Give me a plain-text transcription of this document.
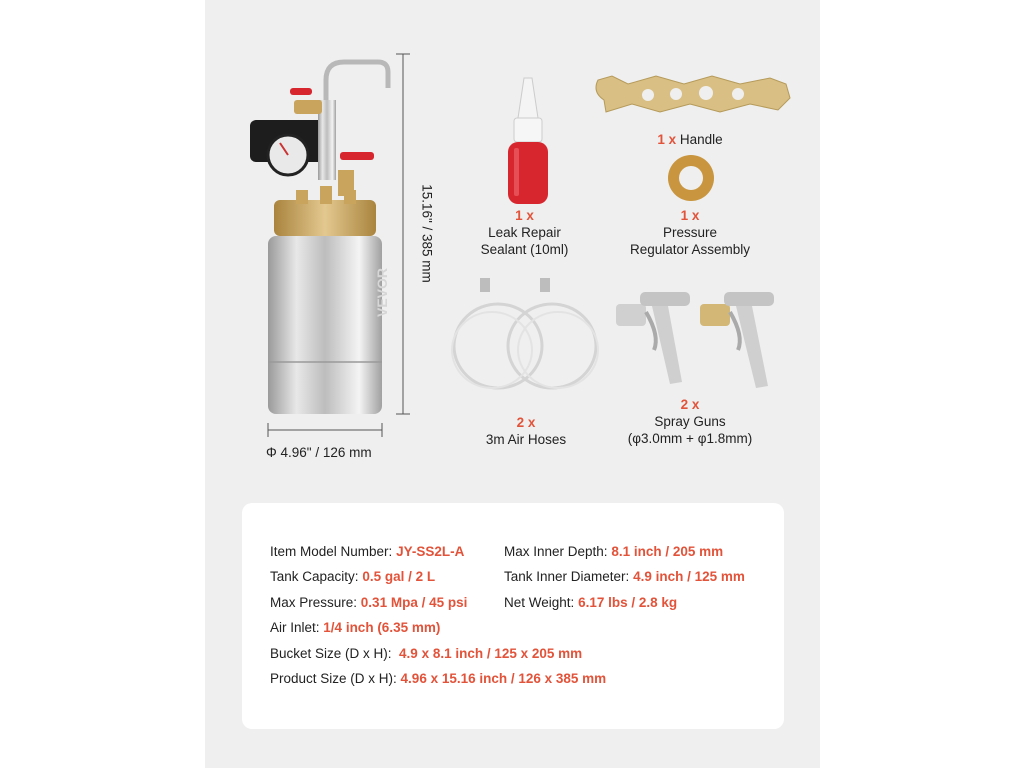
VEVOR
15.16" / 385 mm
Φ 4.96" / 126 mm
1 x Handle
1 x
Leak Repair
Sealant (10ml)
1 x
Pressure
Regulator Assembly
2 x
3m Air Hoses
2 x
Spray Guns
(φ3.0mm + φ1.8mm)
Item Model Number: JY-SS2L-A
Tank Capacity: 0.5 gal / 2 L
Max Pressure: 0.31 Mpa / 45 psi
Air Inlet: 1/4 inch (6.35 mm)
Bucket Size (D x H): 4.9 x 8.1 inch / 125 x 205 mm
Product Size (D x H): 4.96 x 15.16 inch / 126 x 385 mm
Max Inner Depth: 8.1 inch / 205 mm
Tank Inner Diameter: 4.9 inch / 125 mm
Net Weight: 6.17 lbs / 2.8 kg
